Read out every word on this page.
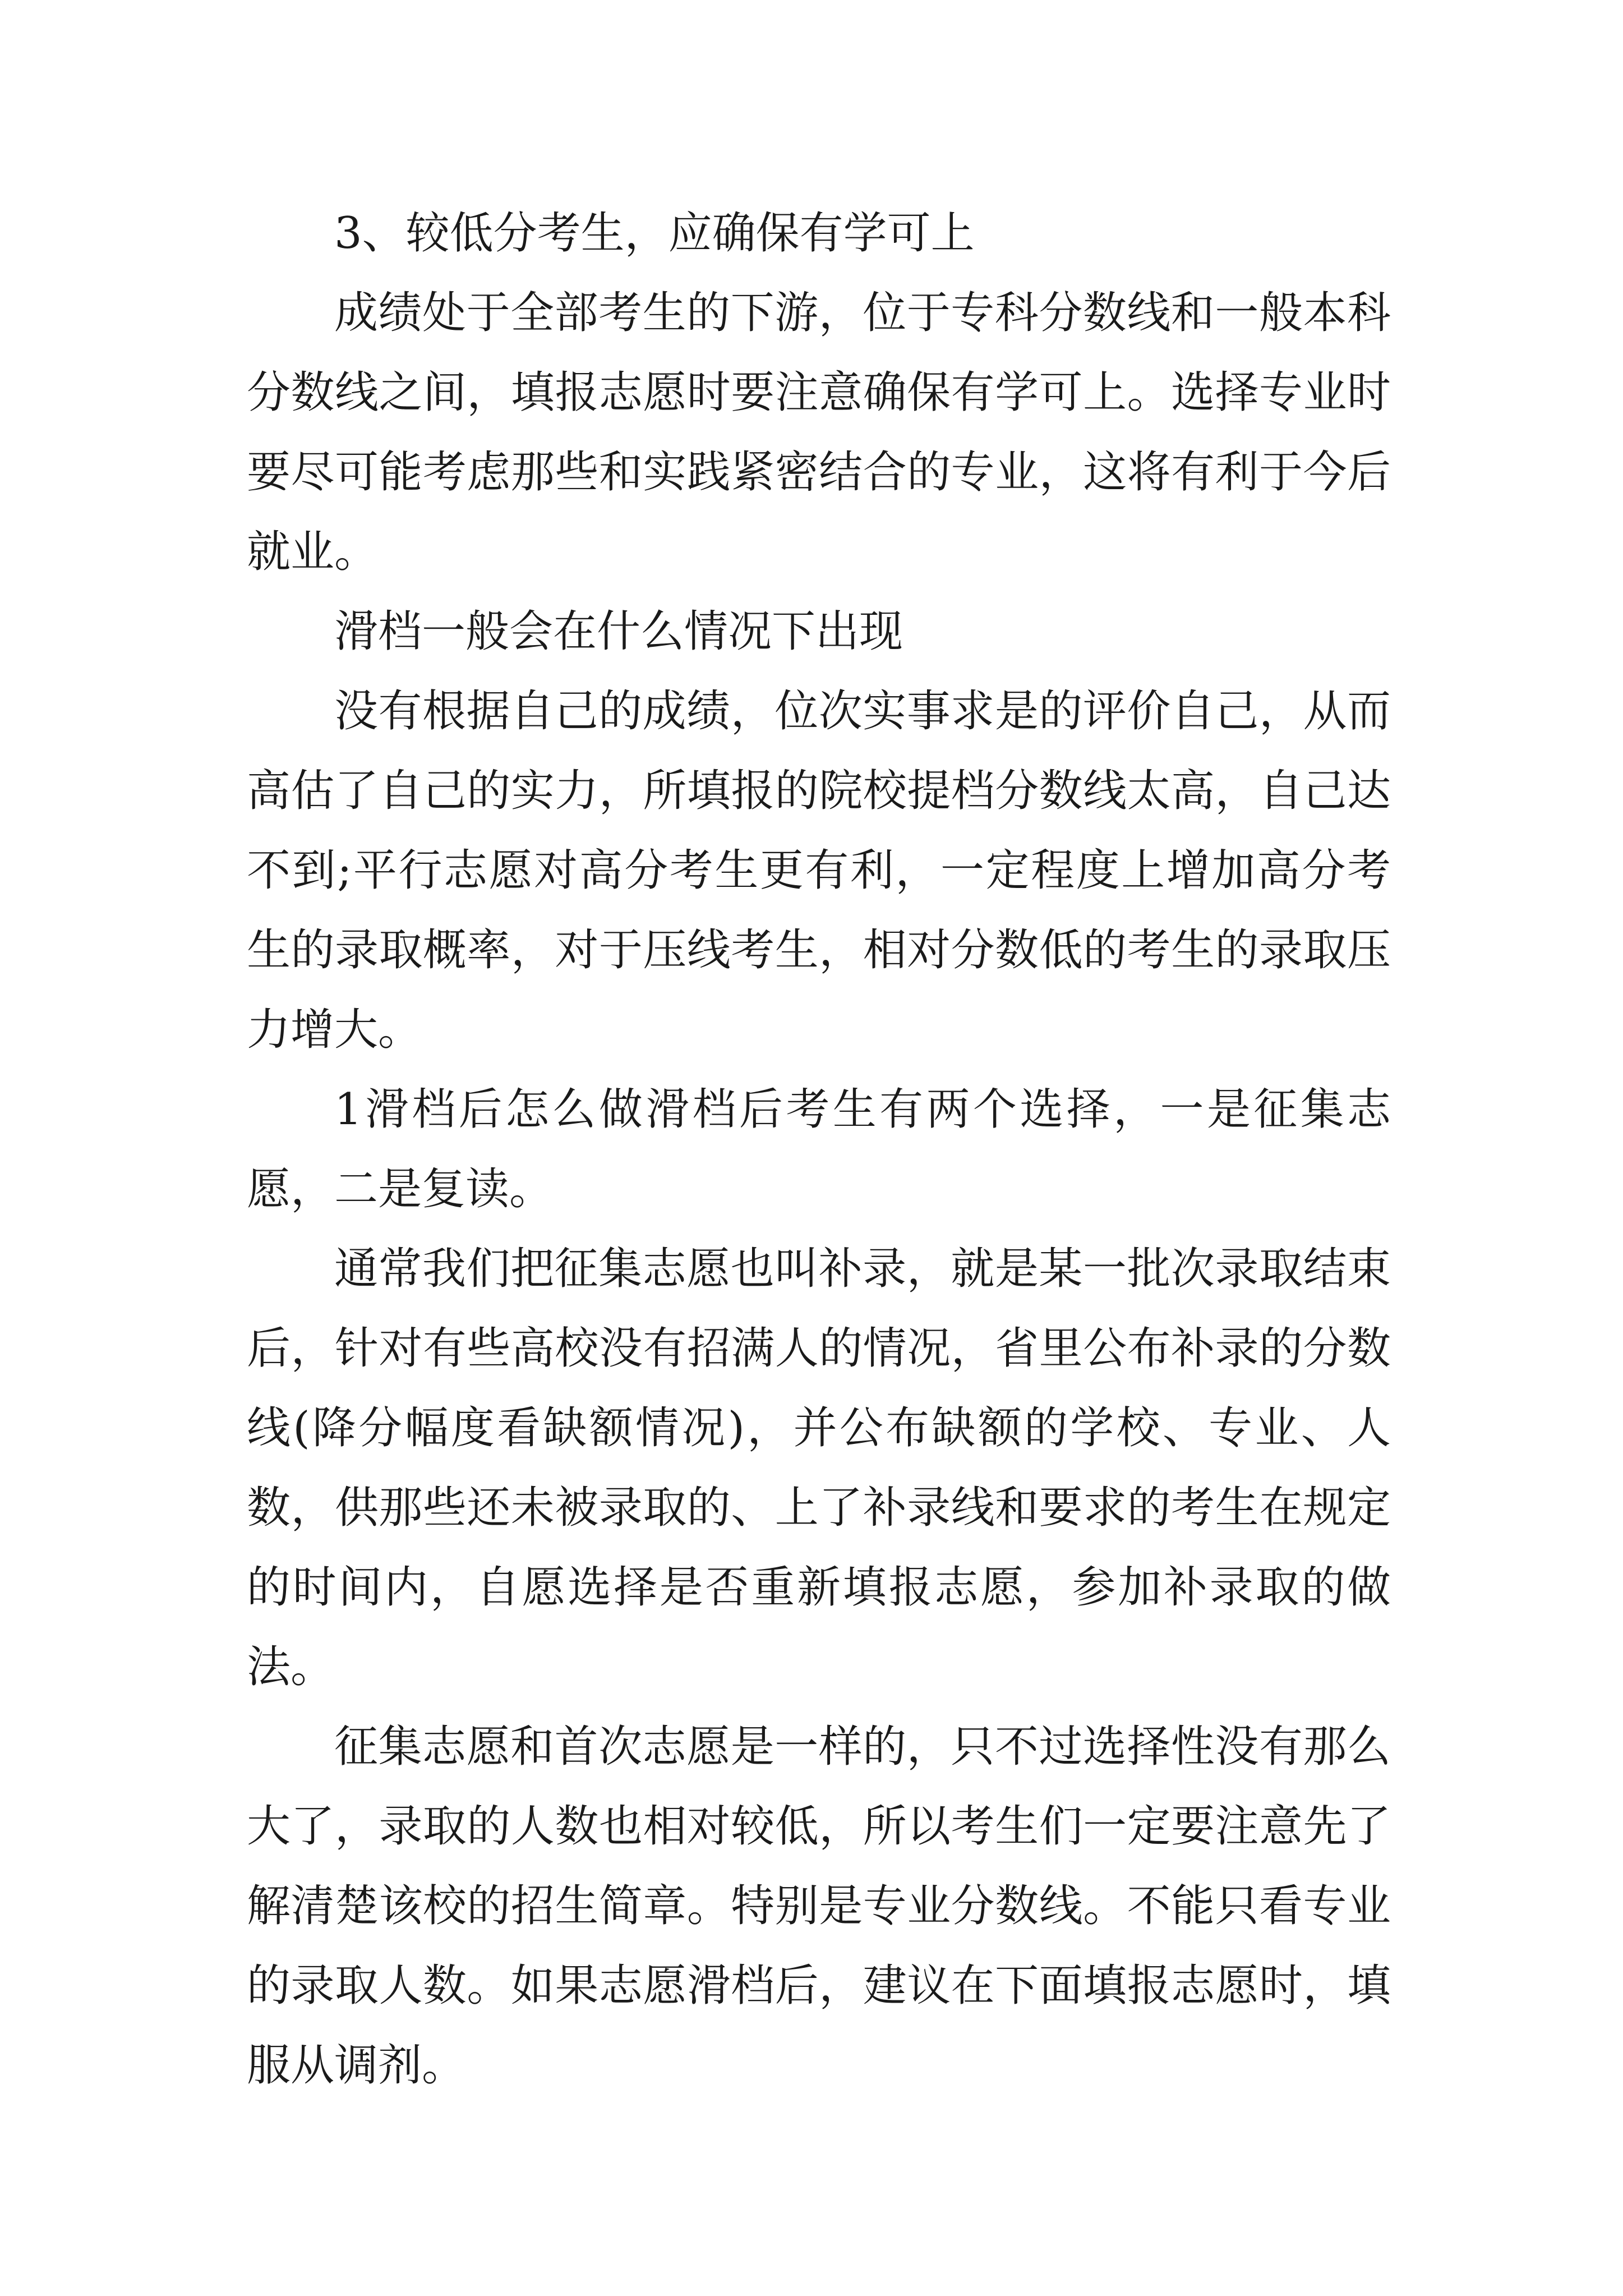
3、较低分考生，应确保有学可上

成绩处于全部考生的下游，位于专科分数线和一般本科分数线之间，填报志愿时要注意确保有学可上。选择专业时要尽可能考虑那些和实践紧密结合的专业，这将有利于今后就业。

滑档一般会在什么情况下出现

没有根据自己的成绩，位次实事求是的评价自己，从而高估了自己的实力，所填报的院校提档分数线太高，自己达不到;平行志愿对高分考生更有利，一定程度上增加高分考生的录取概率，对于压线考生，相对分数低的考生的录取压力增大。

1滑档后怎么做滑档后考生有两个选择，一是征集志愿，二是复读。

通常我们把征集志愿也叫补录，就是某一批次录取结束后，针对有些高校没有招满人的情况，省里公布补录的分数线(降分幅度看缺额情况)，并公布缺额的学校、专业、人数，供那些还未被录取的、上了补录线和要求的考生在规定的时间内，自愿选择是否重新填报志愿，参加补录取的做法。

征集志愿和首次志愿是一样的，只不过选择性没有那么大了，录取的人数也相对较低，所以考生们一定要注意先了解清楚该校的招生简章。特别是专业分数线。不能只看专业的录取人数。如果志愿滑档后，建议在下面填报志愿时，填服从调剂。
